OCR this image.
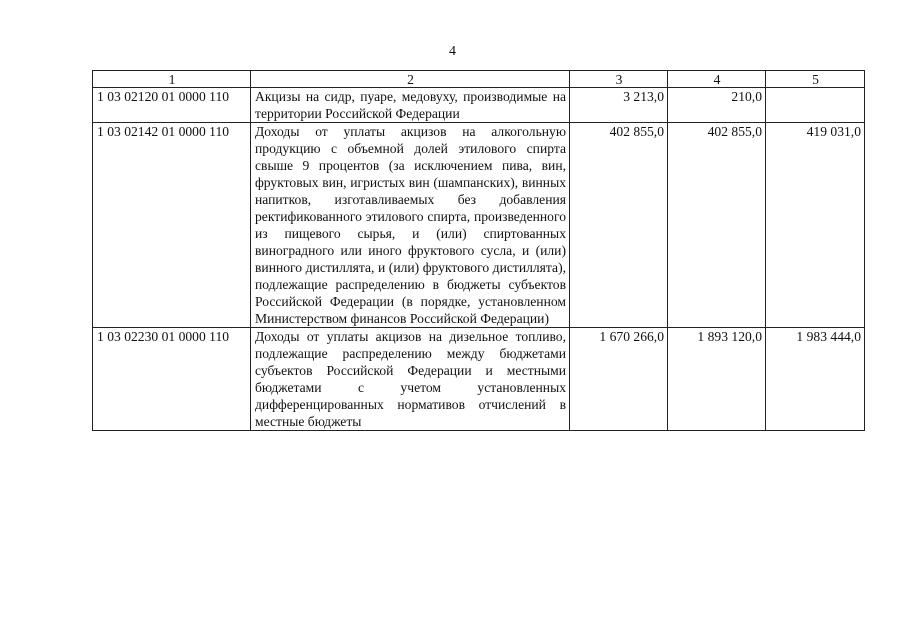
4
1	2	3	4	5
1 03 02120 01 0000 110	Акцизы на сидр, пуаре, медовуху, производимые на территории Российской Федерации	3 213,0	210,0	
1 03 02142 01 0000 110	Доходы от уплаты акцизов на алкогольную продукцию с объемной долей этилового спирта свыше 9 процентов (за исключением пива, вин, фруктовых вин, игристых вин (шампанских), винных напитков, изготавливаемых без добавления ректификованного этилового спирта, произведенного из пищевого сырья, и (или) спиртованных виноградного или иного фруктового сусла, и (или) винного дистиллята, и (или) фруктового дистиллята), подлежащие распределению в бюджеты субъектов Российской Федерации (в порядке, установленном Министерством финансов Российской Федерации)	402 855,0	402 855,0	419 031,0
1 03 02230 01 0000 110	Доходы от уплаты акцизов на дизельное топливо, подлежащие распределению между бюджетами субъектов Российской Федерации и местными бюджетами с учетом установленных дифференцированных нормативов отчислений в местные бюджеты	1 670 266,0	1 893 120,0	1 983 444,0
